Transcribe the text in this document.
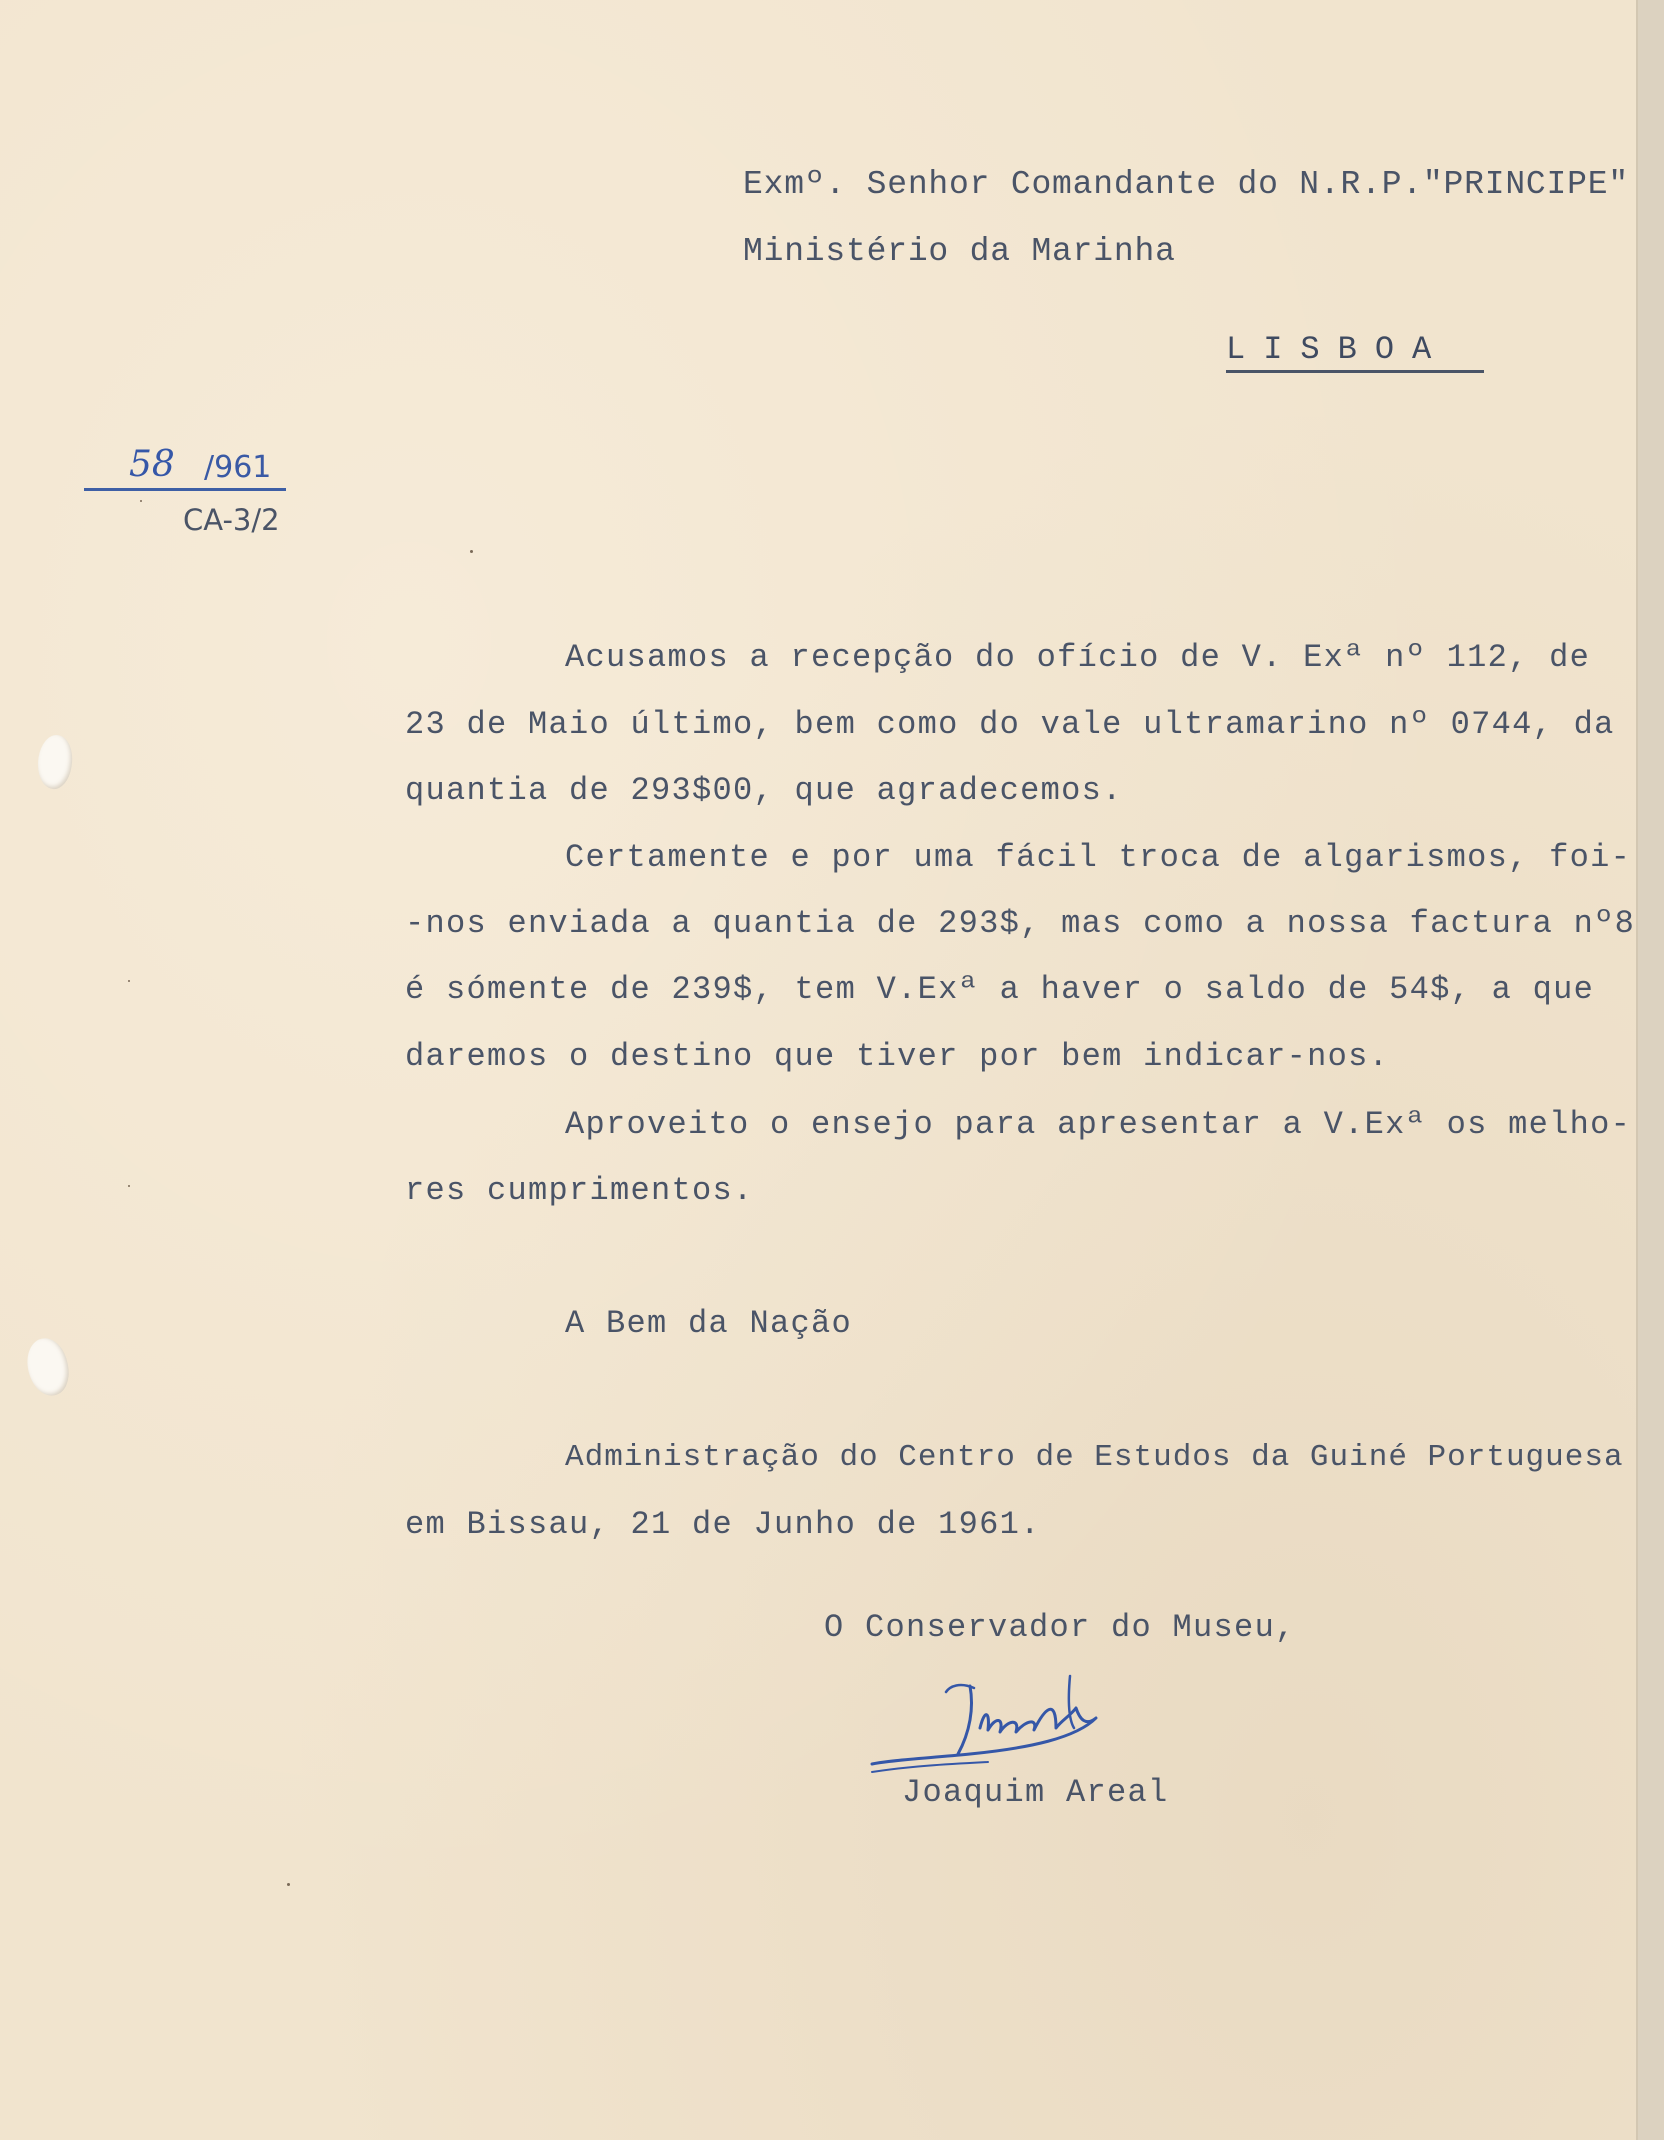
Exmº. Senhor Comandante do N.R.P."PRINCIPE"
Ministério da Marinha
LISBOA
58 /961
CA-3/2
Acusamos a recepção do ofício de V. Exª nº 112, de
23 de Maio último, bem como do vale ultramarino nº 0744, da
quantia de 293$00, que agradecemos.
Certamente e por uma fácil troca de algarismos, foi-
-nos enviada a quantia de 293$, mas como a nossa factura nº8
é sómente de 239$, tem V.Exª a haver o saldo de 54$, a que
daremos o destino que tiver por bem indicar-nos.
Aproveito o ensejo para apresentar a V.Exª os melho-
res cumprimentos.
A Bem da Nação
Administração do Centro de Estudos da Guiné Portuguesa
em Bissau, 21 de Junho de 1961.
O Conservador do Museu,
Joaquim Areal
